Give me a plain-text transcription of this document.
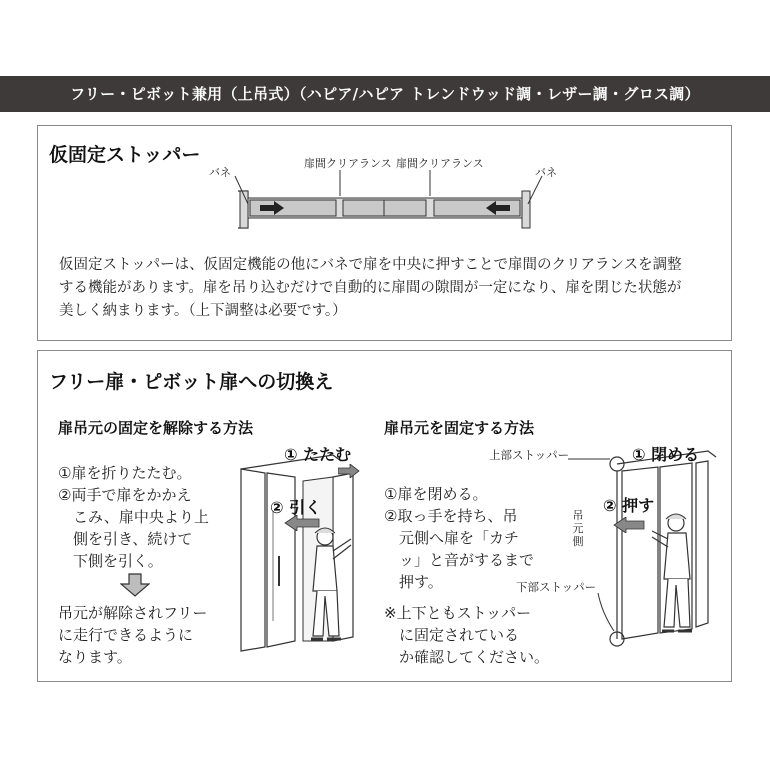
フリー・ピボット兼用（上吊式）（ハピア/ハピア トレンドウッド調・レザー調・グロス調）
仮固定ストッパー
バネ	バネ
扉間クリアランス 扉間クリアランス
仮固定ストッパーは、仮固定機能の他にバネで扉を中央に押すことで扉間のクリアランスを調整
する機能があります。扉を吊り込むだけで自動的に扉間の隙間が一定になり、扉を閉じた状態が
美しく納まります。（上下調整は必要です。）
フリー扉・ピボット扉への切換え
扉吊元の固定を解除する方法
①扉を折りたたむ。
②両手で扉をかかえ
　こみ、扉中央より上
　側を引き、続けて
　下側を引く。
吊元が解除されフリー
に走行できるように
なります。
① たたむ
② 引く
扉吊元を固定する方法
①扉を閉める。
②取っ手を持ち、吊
　元側へ扉を「カチ
　ッ」と音がするまで
　押す。
※上下ともストッパー
　に固定されている
　か確認してください。
上部ストッパー
下部ストッパー
吊元側
① 閉める
② 押す
